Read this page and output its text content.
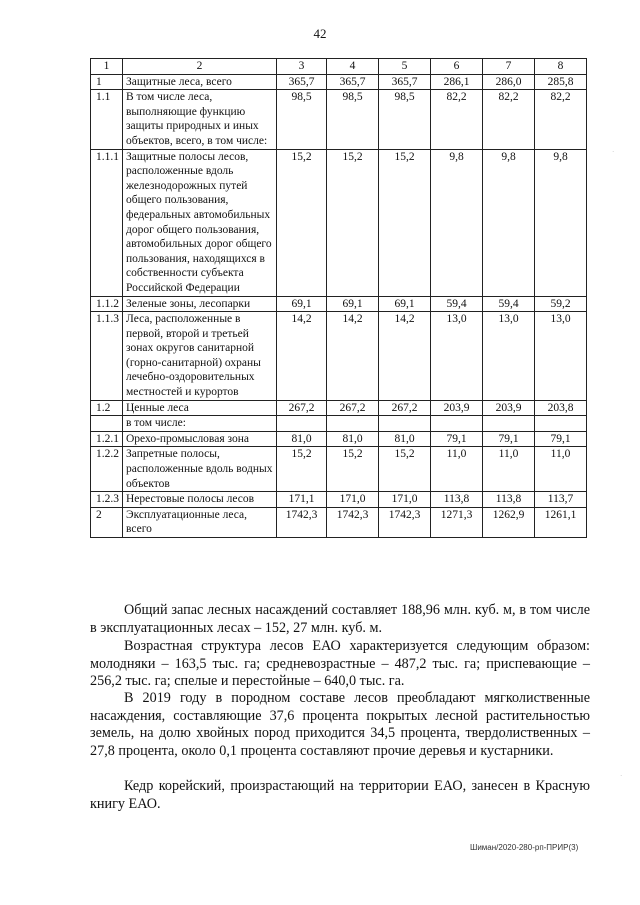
42
1	2	3	4	5	6	7	8
1	Защитные леса, всего	365,7	365,7	365,7	286,1	286,0	285,8
1.1	В том числе леса, выполняющие функцию защиты природных и иных объектов, всего, в том числе:	98,5	98,5	98,5	82,2	82,2	82,2
1.1.1	Защитные полосы лесов, расположенные вдоль железнодорожных путей общего пользования, федеральных автомобильных дорог общего пользования, автомобильных дорог общего пользования, находящихся в собственности субъекта Российской Федерации	15,2	15,2	15,2	9,8	9,8	9,8
1.1.2	Зеленые зоны, лесопарки	69,1	69,1	69,1	59,4	59,4	59,2
1.1.3	Леса, расположенные в первой, второй и третьей зонах округов санитарной (горно-санитарной) охраны лечебно-оздоровительных местностей и курортов	14,2	14,2	14,2	13,0	13,0	13,0
1.2	Ценные леса	267,2	267,2	267,2	203,9	203,9	203,8
	в том числе:						
1.2.1	Орехо-промысловая зона	81,0	81,0	81,0	79,1	79,1	79,1
1.2.2	Запретные полосы, расположенные вдоль водных объектов	15,2	15,2	15,2	11,0	11,0	11,0
1.2.3	Нерестовые полосы лесов	171,1	171,0	171,0	113,8	113,8	113,7
2	Эксплуатационные леса, всего	1742,3	1742,3	1742,3	1271,3	1262,9	1261,1

Общий запас лесных насаждений составляет 188,96 млн. куб. м, в том числе в эксплуатационных лесах – 152, 27 млн. куб. м.

Возрастная структура лесов ЕАО характеризуется следующим образом: молодняки – 163,5 тыс. га; средневозрастные – 487,2 тыс. га; приспевающие – 256,2 тыс. га; спелые и перестойные – 640,0 тыс. га.

В 2019 году в породном составе лесов преобладают мягколиственные насаждения, составляющие 37,6 процента покрытых лесной растительностью земель, на долю хвойных пород приходится 34,5 процента, твердолиственных – 27,8 процента, около 0,1 процента составляют прочие деревья и кустарники.

Кедр корейский, произрастающий на территории ЕАО, занесен в Красную книгу ЕАО.

Шиман/2020-280-рп-ПРИР(3)
·
·
